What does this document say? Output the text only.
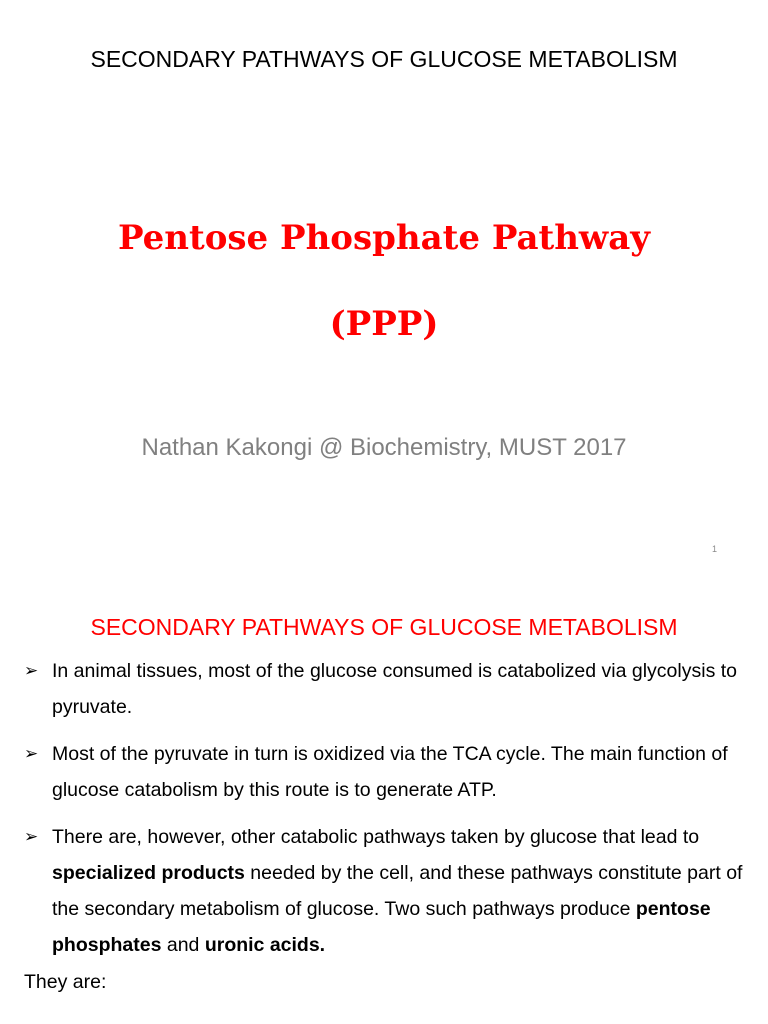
SECONDARY PATHWAYS OF GLUCOSE METABOLISM
Pentose Phosphate Pathway
(PPP)
Nathan Kakongi @ Biochemistry, MUST 2017
1
SECONDARY PATHWAYS OF GLUCOSE METABOLISM
➢ In animal tissues, most of the glucose consumed is catabolized via glycolysis to pyruvate.
➢ Most of the pyruvate in turn is oxidized via the TCA cycle. The main function of glucose catabolism by this route is to generate ATP.
➢ There are, however, other catabolic pathways taken by glucose that lead to specialized products needed by the cell, and these pathways constitute part of the secondary metabolism of glucose. Two such pathways produce pentose phosphates and uronic acids.
They are:
